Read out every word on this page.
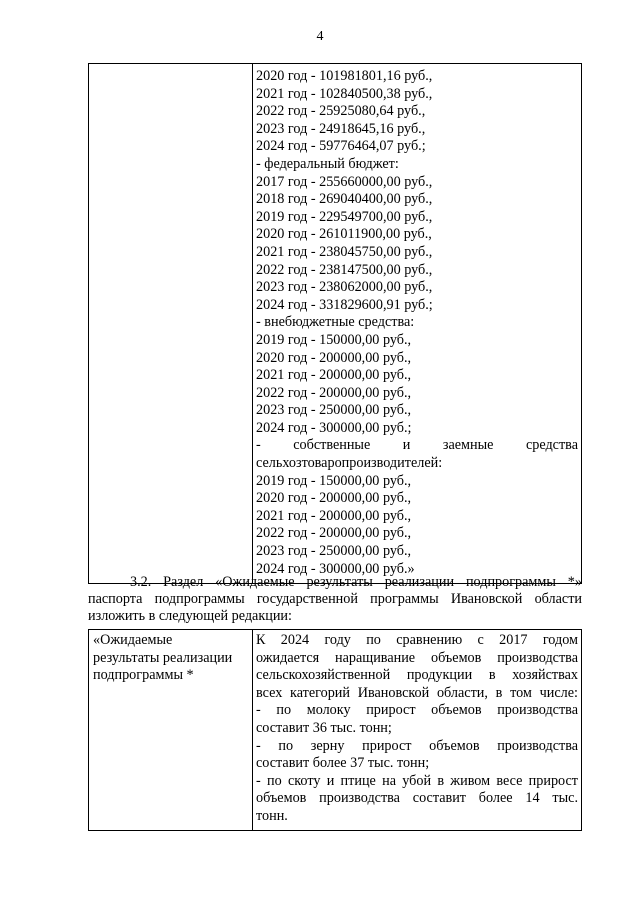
4

2020 год - 101981801,16 руб.,
2021 год - 102840500,38 руб.,
2022 год - 25925080,64 руб.,
2023 год - 24918645,16 руб.,
2024 год - 59776464,07 руб.;
- федеральный бюджет:
2017 год - 255660000,00 руб.,
2018 год - 269040400,00 руб.,
2019 год - 229549700,00 руб.,
2020 год - 261011900,00 руб.,
2021 год - 238045750,00 руб.,
2022 год - 238147500,00 руб.,
2023 год - 238062000,00 руб.,
2024 год - 331829600,91 руб.;
- внебюджетные средства:
2019 год - 150000,00 руб.,
2020 год - 200000,00 руб.,
2021 год - 200000,00 руб.,
2022 год - 200000,00 руб.,
2023 год - 250000,00 руб.,
2024 год - 300000,00 руб.;
- собственные и заемные средства
сельхозтоваропроизводителей:
2019 год - 150000,00 руб.,
2020 год - 200000,00 руб.,
2021 год - 200000,00 руб.,
2022 год - 200000,00 руб.,
2023 год - 250000,00 руб.,
2024 год - 300000,00 руб.»
3.2. Раздел «Ожидаемые результаты реализации подпрограммы *»
паспорта подпрограммы государственной программы Ивановской области
изложить в следующей редакции:
«Ожидаемые
результаты реализации
подпрограммы *

К 2024 году по сравнению с 2017 годом
ожидается наращивание объемов производства
сельскохозяйственной продукции в хозяйствах
всех категорий Ивановской области, в том числе:
- по молоку прирост объемов производства
составит 36 тыс. тонн;
- по зерну прирост объемов производства
составит более 37 тыс. тонн;
- по скоту и птице на убой в живом весе прирост
объемов производства составит более 14 тыс.
тонн.
